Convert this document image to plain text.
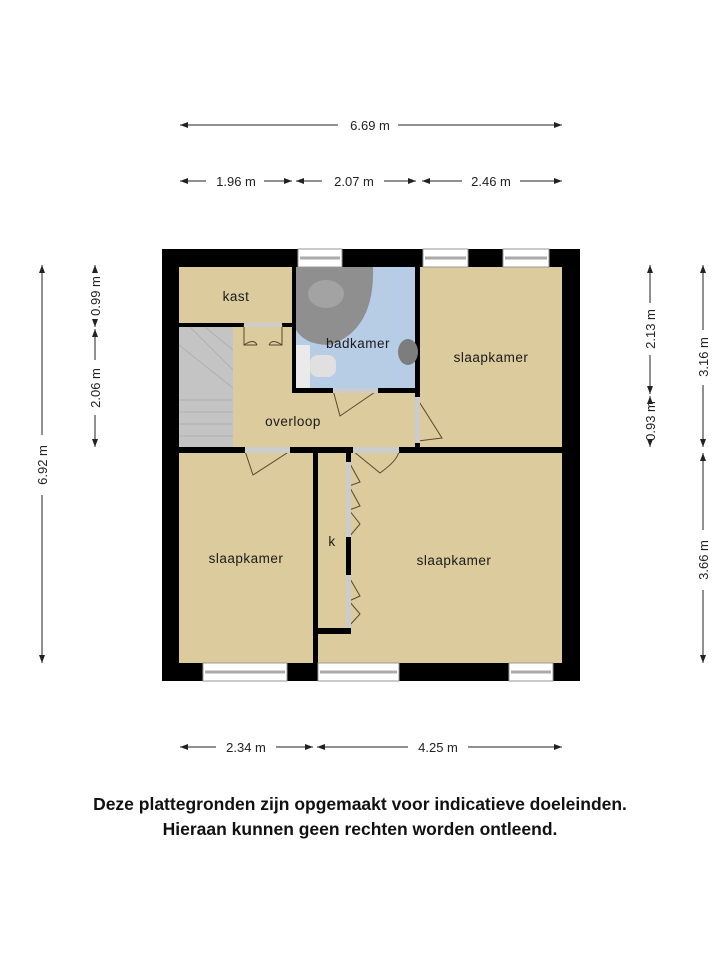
6.69 m
1.96 m	2.07 m	2.46 m
6.92 m
0.99 m
2.06 m
2.13 m
0.93 m
3.16 m
3.66 m
2.34 m	4.25 m
kast
badkamer
slaapkamer
overloop
slaapkamer
k
slaapkamer
Deze plattegronden zijn opgemaakt voor indicatieve doeleinden.
Hieraan kunnen geen rechten worden ontleend.
